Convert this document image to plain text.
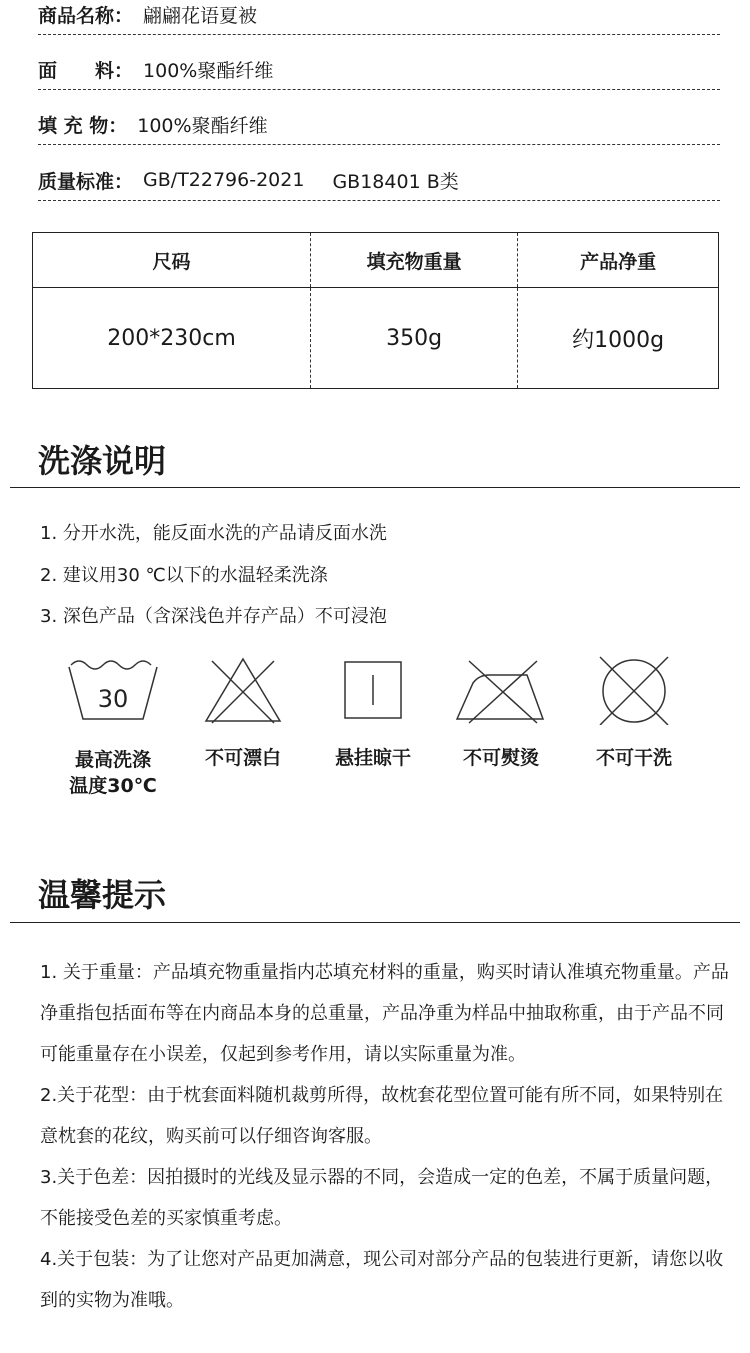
商品名称 ： 翩翩花语夏被
面　　料 ： 100%聚酯纤维
填 充 物 ： 100%聚酯纤维
质量标准 ： GB/T22796-2021 GB18401 B类
尺码	填充物重量	产品净重
200*230cm	350g	约1000g
洗涤说明
1. 分开水洗，能反面水洗的产品请反面水洗
2. 建议用30 ℃以下的水温轻柔洗涤
3. 深色产品（含深浅色并存产品）不可浸泡
30
最高洗涤
温度30℃
不可漂白	悬挂晾干	不可熨烫	不可干洗
温馨提示

1. 关于重量：产品填充物重量指内芯填充材料的重量，购买时请认准填充物重量。产品净重指包括面布等在内商品本身的总重量，产品净重为样品中抽取称重，由于产品不同可能重量存在小误差，仅起到参考作用，请以实际重量为准。

2.关于花型：由于枕套面料随机裁剪所得，故枕套花型位置可能有所不同，如果特别在意枕套的花纹，购买前可以仔细咨询客服。

3.关于色差：因拍摄时的光线及显示器的不同，会造成一定的色差，不属于质量问题，不能接受色差的买家慎重考虑。

4.关于包装：为了让您对产品更加满意，现公司对部分产品的包装进行更新，请您以收到的实物为准哦。
